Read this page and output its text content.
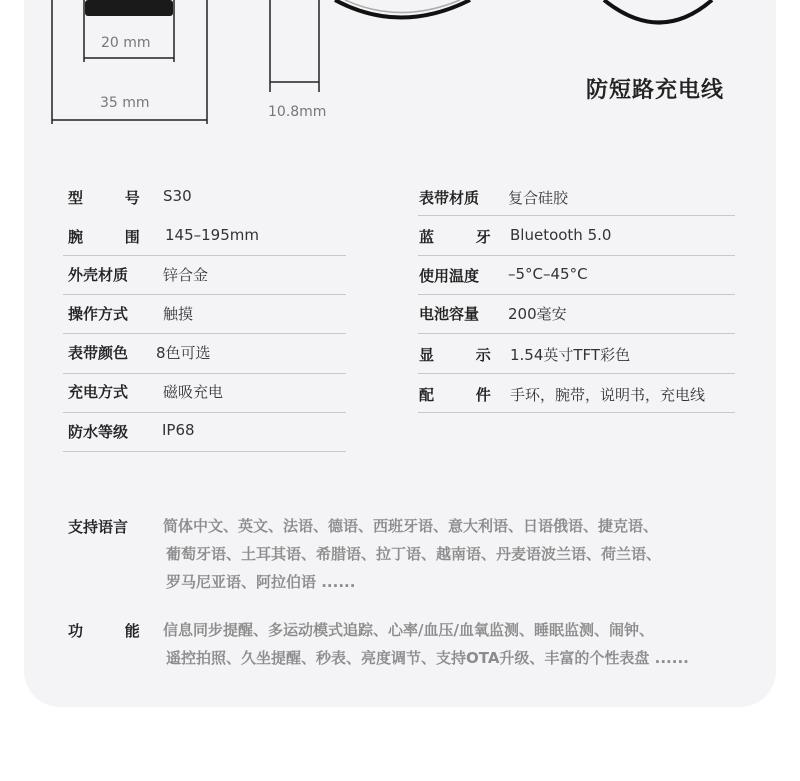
20 mm
35 mm
10.8mm
防短路充电线
型        号 S30	表带材质 复合硅胶
腕        围 145–195mm	蓝        牙 Bluetooth 5.0
外壳材质 锌合金	使用温度 –5°C–45°C
操作方式 触摸	电池容量 200毫安
表带颜色 8色可选	显        示 1.54英寸TFT彩色
充电方式 磁吸充电	配        件 手环，腕带，说明书，充电线
防水等级 IP68
支持语言 简体中文、英文、法语、德语、西班牙语、意大利语、日语俄语、捷克语、
葡萄牙语、土耳其语、希腊语、拉丁语、越南语、丹麦语波兰语、荷兰语、
罗马尼亚语、阿拉伯语 ......
功        能 信息同步提醒、多运动模式追踪、心率/血压/血氧监测、睡眠监测、闹钟、
遥控拍照、久坐提醒、秒表、亮度调节、支持OTA升级、丰富的个性表盘 ......
